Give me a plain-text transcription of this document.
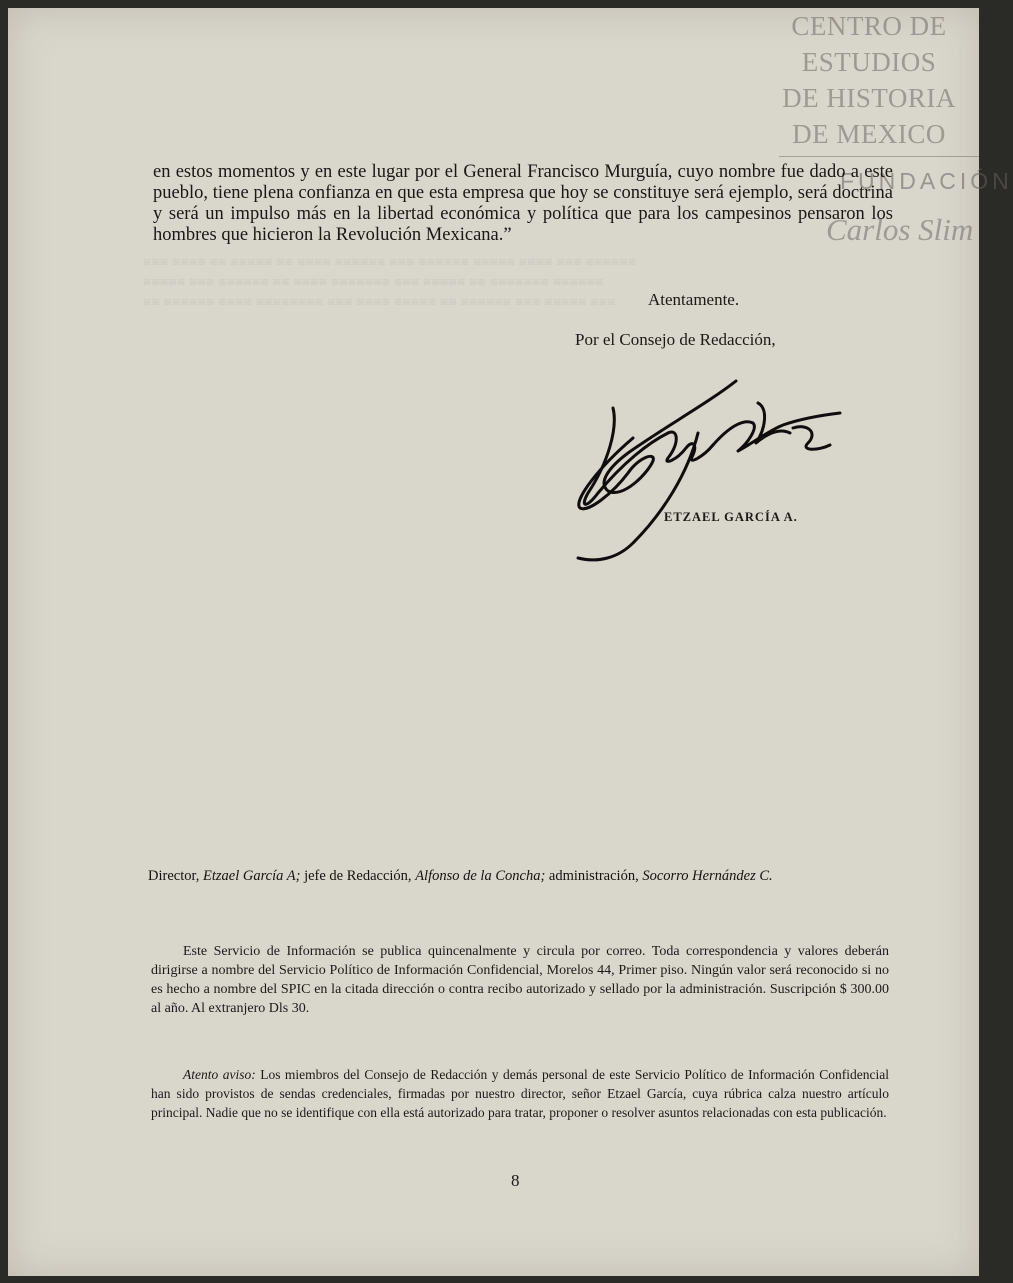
≡≡≡ ≡≡≡≡ ≡≡ ≡≡≡≡≡ ≡≡ ≡≡≡≡ ≡≡≡≡≡≡ ≡≡≡ ≡≡≡≡≡≡ ≡≡≡≡≡ ≡≡≡≡ ≡≡≡ ≡≡≡≡≡≡
≡≡≡≡≡ ≡≡≡ ≡≡≡≡≡≡ ≡≡ ≡≡≡≡ ≡≡≡≡≡≡≡ ≡≡≡ ≡≡≡≡≡ ≡≡ ≡≡≡≡≡≡≡ ≡≡≡≡≡≡
≡≡ ≡≡≡≡≡≡ ≡≡≡≡ ≡≡≡≡≡≡≡≡ ≡≡≡ ≡≡≡≡ ≡≡≡≡≡ ≡≡ ≡≡≡≡≡≡ ≡≡≡ ≡≡≡≡≡ ≡≡≡

CENTRO DE
ESTUDIOS
DE HISTORIA
DE MEXICO
FUNDACIÓN
Carlos Slim

en estos momentos y en este lugar por el General Francisco Murguía, cuyo nombre fue dado a este pueblo, tiene plena confianza en que esta empresa que hoy se constituye será ejemplo, será doctrina y será un impulso más en la libertad económica y política que para los campesinos pensaron los hombres que hicieron la Revolución Mexicana.”

Atentamente.
Por el Consejo de Redacción,
ETZAEL GARCÍA A.
Director, Etzael García A; jefe de Redacción, Alfonso de la Concha; administración, Socorro Hernández C.

Este Servicio de Información se publica quincenalmente y circula por correo. Toda correspondencia y valores deberán dirigirse a nombre del Servicio Político de Información Confidencial, Morelos 44, Primer piso. Ningún valor será reconocido si no es hecho a nombre del SPIC en la citada dirección o contra recibo autorizado y sellado por la administración. Suscripción $ 300.00 al año. Al extranjero Dls 30.

Atento aviso: Los miembros del Consejo de Redacción y demás personal de este Servicio Político de Información Confidencial han sido provistos de sendas credenciales, firmadas por nuestro director, señor Etzael García, cuya rúbrica calza nuestro artículo principal. Nadie que no se identifique con ella está autorizado para tratar, proponer o resolver asuntos relacionadas con esta publicación.

8
